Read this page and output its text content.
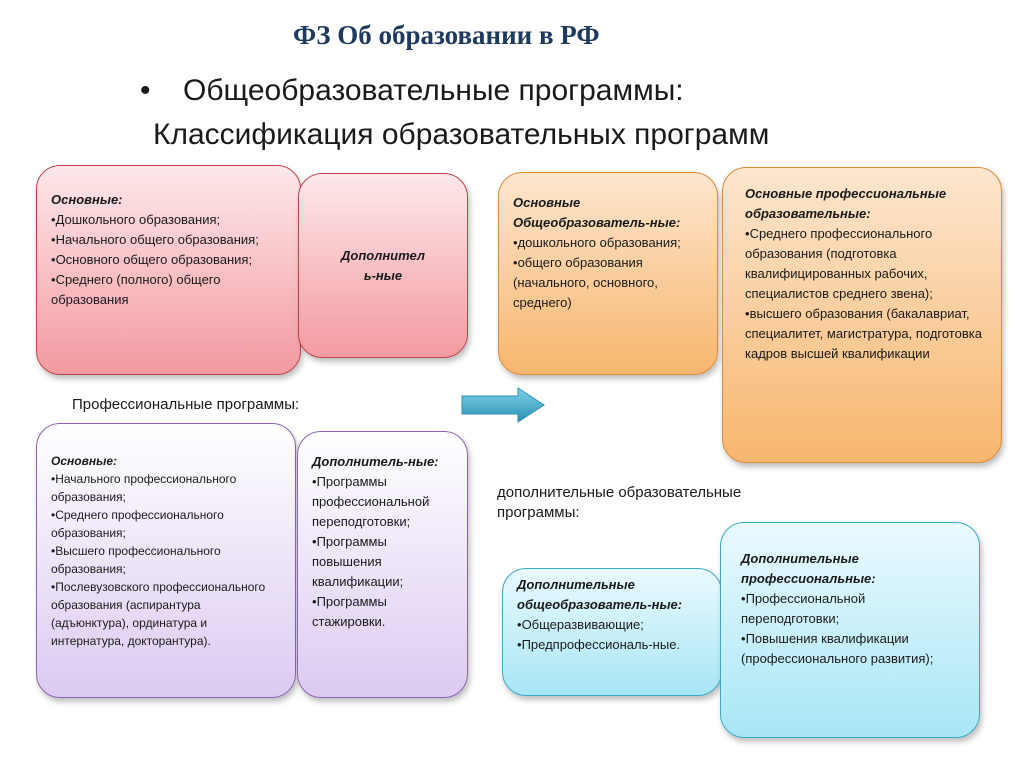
ФЗ Об образовании в РФ
• Общеобразовательные программы:
Классификация образовательных программ
Основные:
• Дошкольного образования;
• Начального общего образования;
• Основного общего образования;
• Среднего (полного) общего образования
Дополнитель-ные
Профессиональные программы:
Основные:
• Начального профессионального образования;
• Среднего профессионального образования;
• Высшего профессионального образования;
• Послевузовского профессионального образования (аспирантура (адъюнктура), ординатура и интернатура, докторантура).
Дополнитель-ные:
• Программы профессиональной переподготовки;
• Программы повышения квалификации;
• Программы стажировки.
Основные Общеобразователь-ные:
• дошкольного образования;
• общего образования (начального, основного, среднего)
Основные профессиональные образовательные:
• Среднего профессионального образования (подготовка квалифицированных рабочих, специалистов среднего звена);
• высшего образования (бакалавриат, специалитет, магистратура, подготовка кадров высшей квалификации
дополнительные образовательные программы:
Дополнительные общеобразователь-ные:
• Общеразвивающие;
• Предпрофессиональ-ные.
Дополнительные профессиональные:
• Профессиональной переподготовки;
• Повышения квалификации (профессионального развития);
